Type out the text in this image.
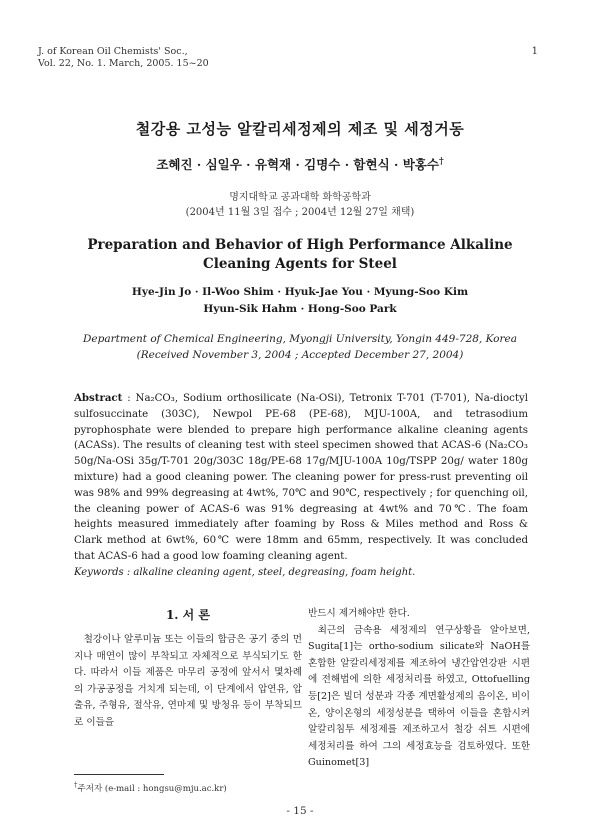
J. of Korean Oil Chemists' Soc.,
Vol. 22, No. 1. March, 2005. 15~20
1
철강용 고성능 알칼리세정제의 제조 및 세정거동
조혜진 · 심일우 · 유혁재 · 김명수 · 함현식 · 박홍수†
명지대학교 공과대학 화학공학과
(2004년 11월 3일 접수 ; 2004년 12월 27일 채택)
Preparation and Behavior of High Performance Alkaline
Cleaning Agents for Steel
Hye-Jin Jo · Il-Woo Shim · Hyuk-Jae You · Myung-Soo Kim
Hyun-Sik Hahm · Hong-Soo Park
Department of Chemical Engineering, Myongji University, Yongin 449-728, Korea
(Received November 3, 2004 ; Accepted December 27, 2004)

Abstract : Na₂CO₃, Sodium orthosilicate (Na-OSi), Tetronix T-701 (T-701), Na-dioctyl sulfosuccinate (303C), Newpol PE-68 (PE-68), MJU-100A, and tetrasodium pyrophosphate were blended to prepare high performance alkaline cleaning agents (ACASs). The results of cleaning test with steel specimen showed that ACAS-6 (Na₂CO₃ 50g/Na-OSi 35g/T-701 20g/303C 18g/PE-68 17g/MJU-100A 10g/TSPP 20g/ water 180g mixture) had a good cleaning power. The cleaning power for press-rust preventing oil was 98% and 99% degreasing at 4wt%, 70℃ and 90℃, respectively ; for quenching oil, the cleaning power of ACAS-6 was 91% degreasing at 4wt% and 70℃. The foam heights measured immediately after foaming by Ross & Miles method and Ross & Clark method at 6wt%, 60℃ were 18mm and 65mm, respectively. It was concluded that ACAS-6 had a good low foaming cleaning agent.

Keywords : alkaline cleaning agent, steel, degreasing, foam height.
1. 서 론

철강이나 알루미늄 또는 이들의 합금은 공기 중의 먼지나 매연이 많이 부착되고 자체적으로 부식되기도 한다. 따라서 이들 제품은 마무리 공정에 앞서서 몇차례의 가공공정을 거치게 되는데, 이 단계에서 압연유, 압출유, 주형유, 절삭유, 연마제 및 방청유 등이 부착되므로 이들을

반드시 제거해야만 한다.

최근의 금속용 세정제의 연구상황을 알아보면, Sugita[1]는 ortho-sodium silicate와 NaOH를 혼합한 알칼리세정제를 제조하여 냉간압연강판 시편에 전해법에 의한 세정처리를 하였고, Ottofuelling 등[2]은 빌더 성분과 각종 계면활성제의 음이온, 비이온, 양이온형의 세정성분을 택하여 이들을 혼합시켜 알칼리침투 세정제를 제조하고서 철강 쉬트 시편에 세정처리를 하여 그의 세정효능을 검토하였다. 또한 Guinomet[3]

†주저자 (e-mail : hongsu@mju.ac.kr)
- 15 -
